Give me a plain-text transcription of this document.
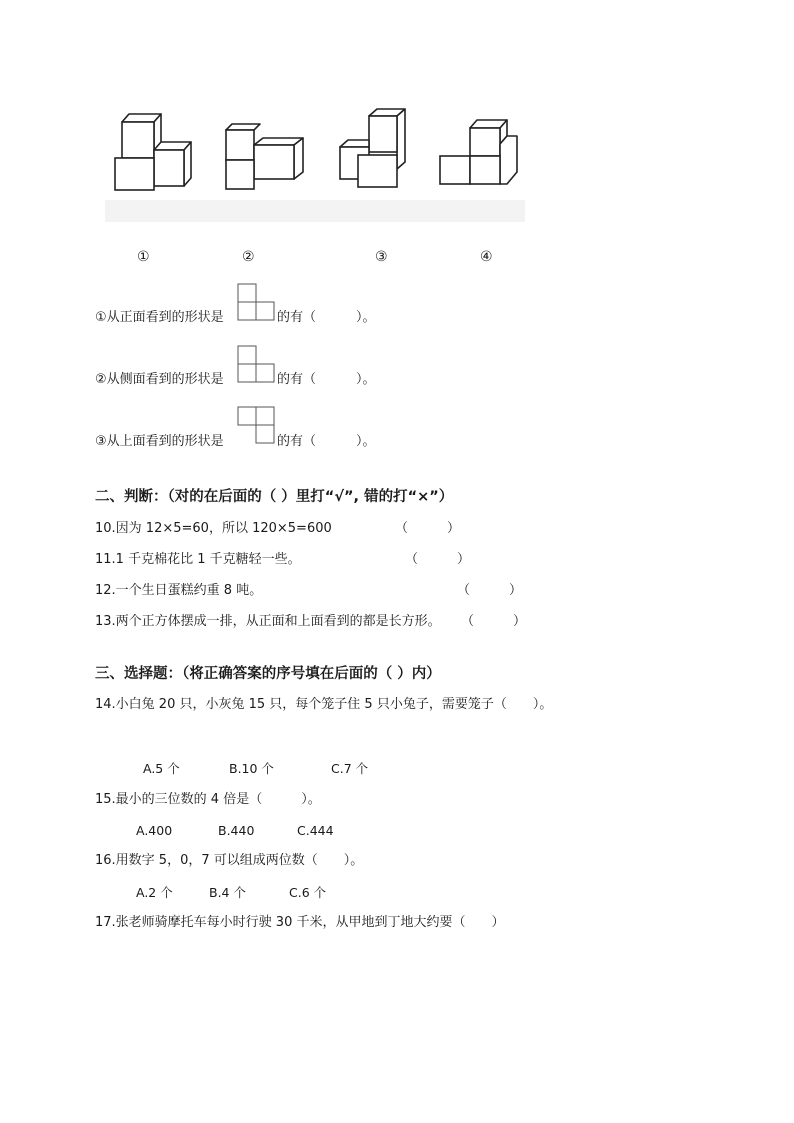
①	②	③	④
①从正面看到的形状是	的有（	）。
②从侧面看到的形状是	的有（	）。
③从上面看到的形状是	的有（	）。
二、判断：（对的在后面的（ ）里打“√”, 错的打“×”）
10.因为 12×5=60，所以 120×5=600	（　　　）
11.1 千克棉花比 1 千克糖轻一些。	（　　　）
12.一个生日蛋糕约重 8 吨。	（　　　）
13.两个正方体摆成一排，从正面和上面看到的都是长方形。 （　　　）
三、选择题：（将正确答案的序号填在后面的（ ）内）
14.小白兔 20 只，小灰兔 15 只，每个笼子住 5 只小兔子，需要笼子（　　）。
A.5 个	B.10 个	C.7 个
15.最小的三位数的 4 倍是（　　　）。
A.400	B.440	C.444
16.用数字 5，0，7 可以组成两位数（　　）。
A.2 个	B.4 个	C.6 个
17.张老师骑摩托车每小时行驶 30 千米，从甲地到丁地大约要（　　）
